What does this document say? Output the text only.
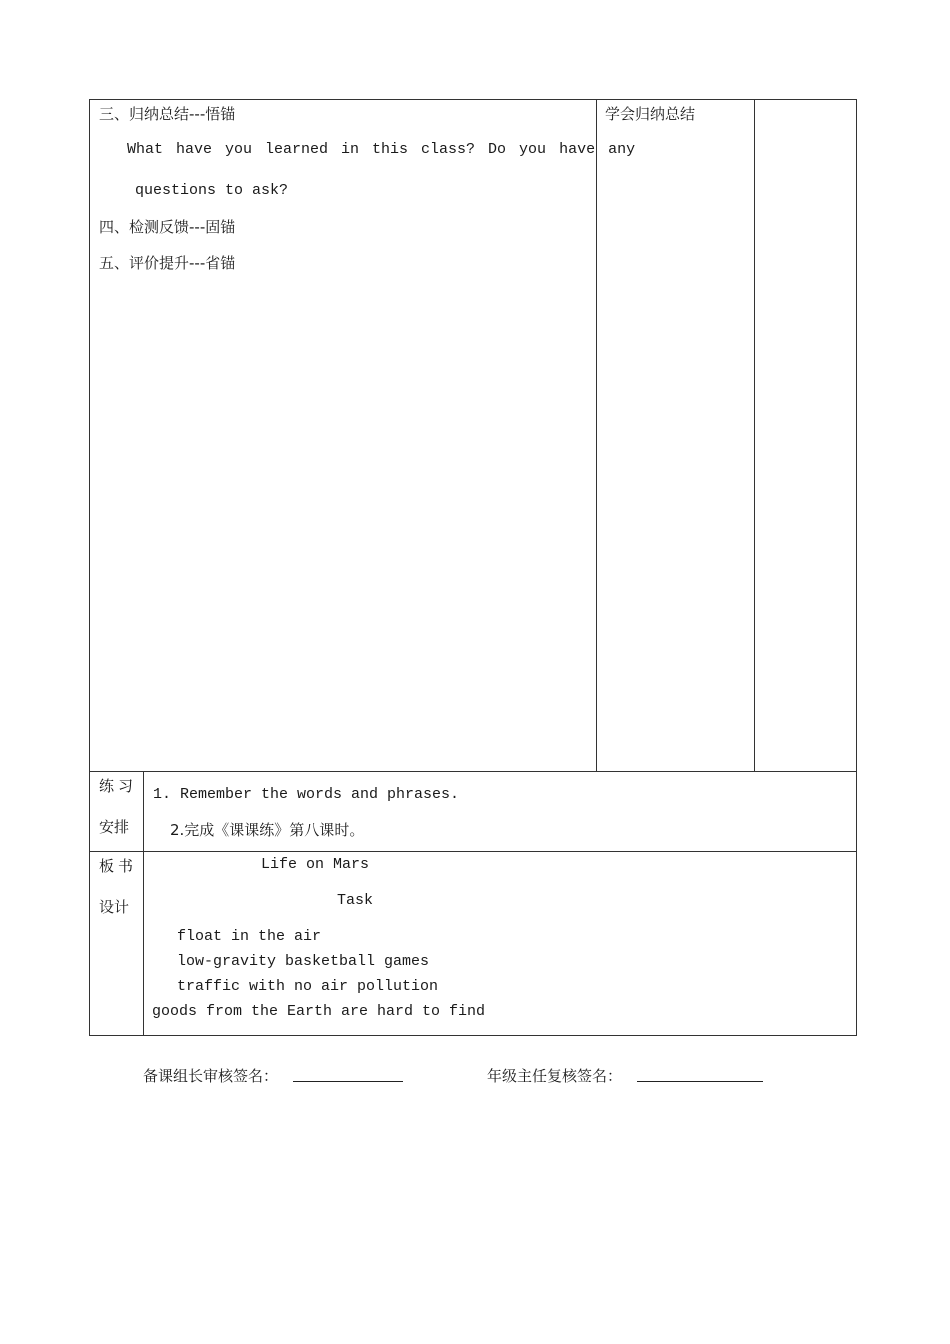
三、归纳总结---悟锚
What have you learned in this class? Do you have any
questions to ask?
四、检测反馈---固锚
五、评价提升---省锚
学会归纳总结
练习
安排
1. Remember the words and phrases.
2.完成《课课练》第八课时。
板书
设计
Life on Mars
Task
float in the air
low-gravity basketball games
traffic with no air pollution
goods from the Earth are hard to find
备课组长审核签名：	年级主任复核签名：
